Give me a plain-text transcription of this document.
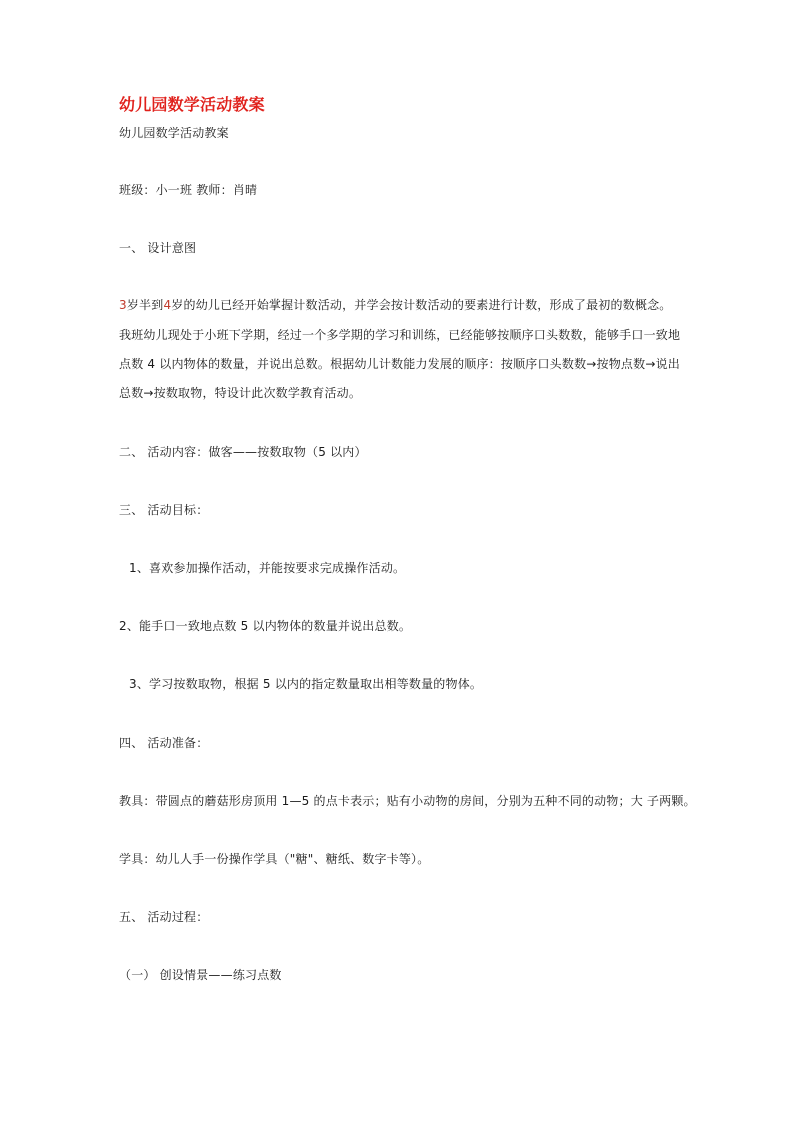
幼儿园数学活动教案
幼儿园数学活动教案
班级：小一班 教师：肖晴
一、 设计意图
3岁半到4岁的幼儿已经开始掌握计数活动，并学会按计数活动的要素进行计数，形成了最初的数概念。
我班幼儿现处于小班下学期，经过一个多学期的学习和训练，已经能够按顺序口头数数，能够手口一致地
点数 4 以内物体的数量，并说出总数。根据幼儿计数能力发展的顺序：按顺序口头数数→按物点数→说出
总数→按数取物，特设计此次数学教育活动。
二、 活动内容：做客——按数取物（5 以内）
三、 活动目标：
1、喜欢参加操作活动，并能按要求完成操作活动。
2、能手口一致地点数 5 以内物体的数量并说出总数。
3、学习按数取物，根据 5 以内的指定数量取出相等数量的物体。
四、 活动准备：
教具：带圆点的蘑菇形房顶用 1—5 的点卡表示；贴有小动物的房间，分别为五种不同的动物；大 子两颗。
学具：幼儿人手一份操作学具（"糖"、糖纸、数字卡等）。
五、 活动过程：
（一） 创设情景——练习点数
